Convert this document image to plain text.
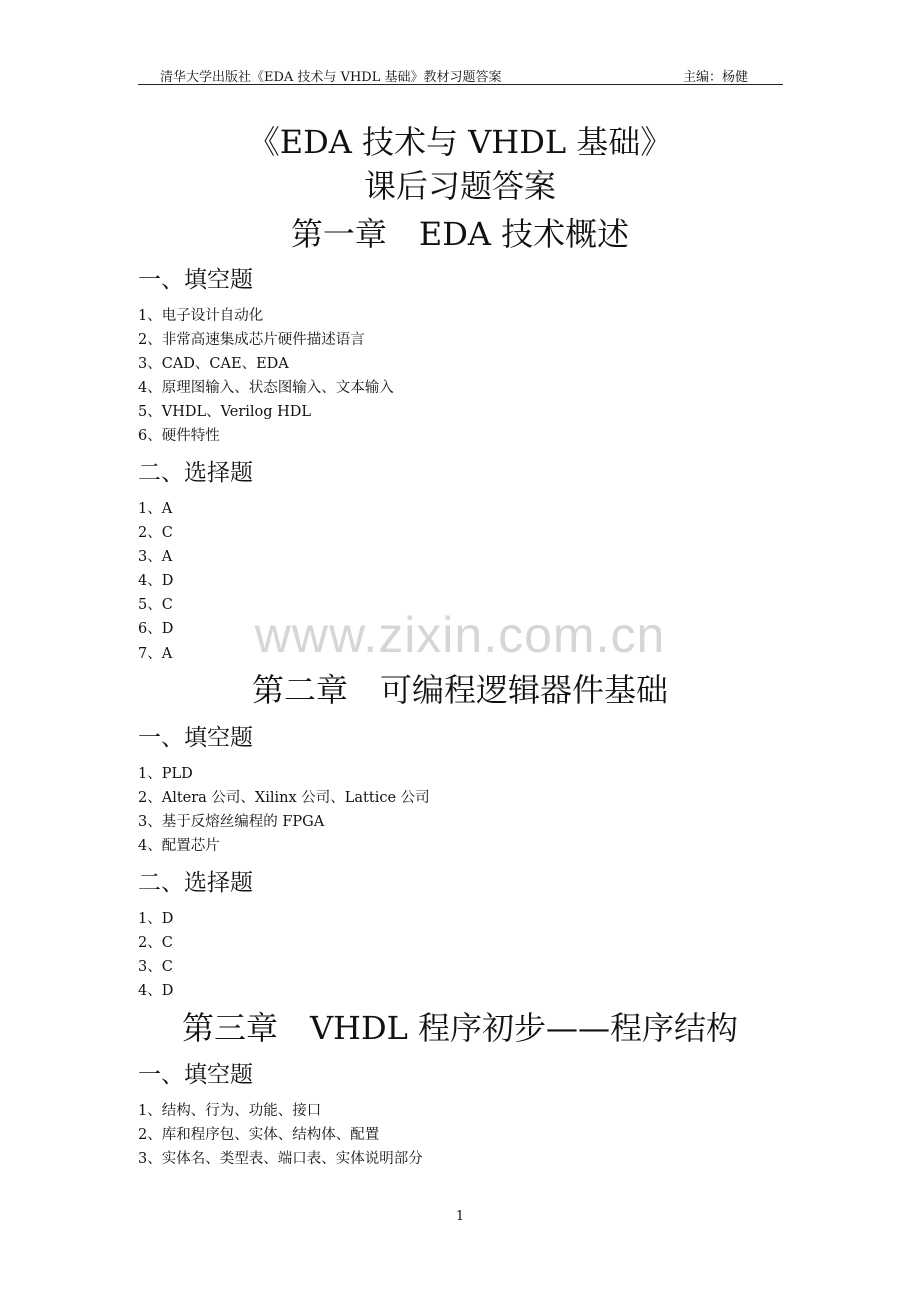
清华大学出版社《EDA 技术与 VHDL 基础》教材习题答案	主编：杨健
《EDA 技术与 VHDL 基础》
课后习题答案
第一章　EDA 技术概述
一、填空题
1、电子设计自动化
2、非常高速集成芯片硬件描述语言
3、CAD、CAE、EDA
4、原理图输入、状态图输入、文本输入
5、VHDL、Verilog HDL
6、硬件特性
二、选择题
1、A
2、C
3、A
4、D
5、C
6、D
7、A
第二章　可编程逻辑器件基础
一、填空题
1、PLD
2、Altera 公司、Xilinx 公司、Lattice 公司
3、基于反熔丝编程的 FPGA
4、配置芯片
二、选择题
1、D
2、C
3、C
4、D
第三章　VHDL 程序初步——程序结构
一、填空题
1、结构、行为、功能、接口
2、库和程序包、实体、结构体、配置
3、实体名、类型表、端口表、实体说明部分
www.zixin.com.cn
1
